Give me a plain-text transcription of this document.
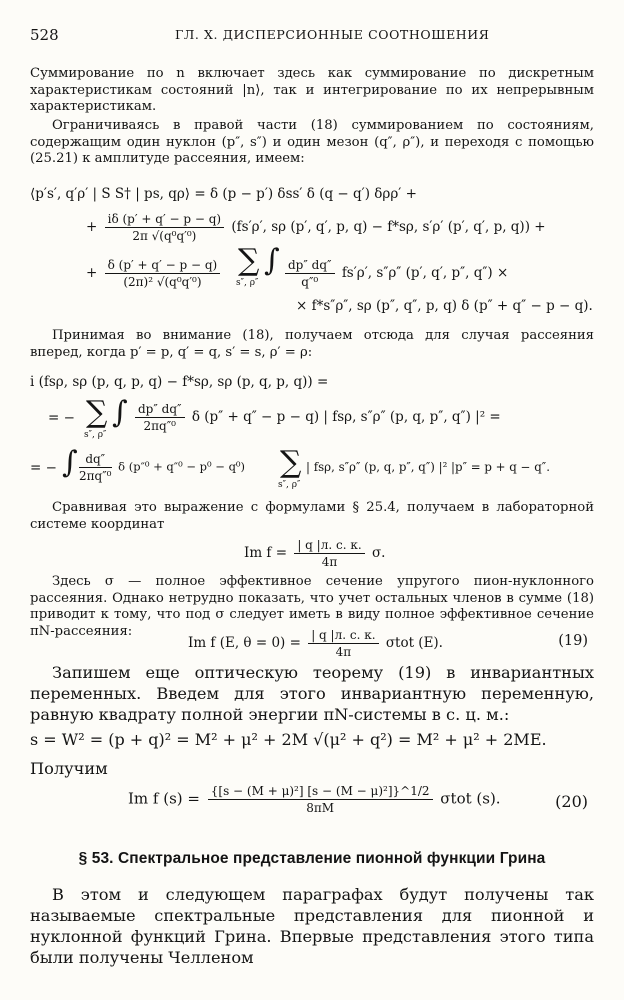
528	ГЛ. X. ДИСПЕРСИОННЫЕ СООТНОШЕНИЯ
Суммирование по n включает здесь как суммирование по дискретным характеристикам состояний |n⟩, так и интегрирование по их непрерывным характеристикам.
Ограничиваясь в правой части (18) суммированием по состояниям, содержащим один нуклон (p″, s″) и один мезон (q″, ρ″), и переходя с помощью (25.21) к амплитуде рассеяния, имеем:
⟨p′s′, q′ρ′ | S S† | ps, qρ⟩ = δ (p − p′) δss′ δ (q − q′) δρρ′ +
+ $\frac{i\delta (p' + q' - p - q)}{\text{2π √(q⁰q′⁰)}} (fs'\rho'$, sρ (p′, q′, p, q) − f*sρ, s′ρ′ (p′, q′, p, q)) +
+ $\frac{\delta (p' + q' - p - q)}{\text{(2π)² √(q⁰q′⁰)}}$ ∑
s″, ρ″
∫ $\frac{dp'' dq''}{\text{q″⁰}} fs'\rho'$, s″ρ″ (p′, q′, p″, q″) ×
× f*s″ρ″, sρ (p″, q″, p, q) δ (p″ + q″ − p − q).
Принимая во внимание (18), получаем отсюда для случая рассеяния вперед, когда p′ = p, q′ = q, s′ = s, ρ′ = ρ:
i (fsρ, sρ (p, q, p, q) − f*sρ, sρ (p, q, p, q)) =
= − ∑
s″, ρ″
∫ $\frac{dp'' dq''}{\text{2πq″⁰}}$ δ (p″ + q″ − p − q) | fsρ, s″ρ″ (p, q, p″, q″) |² =
= − ∫ $\frac{dq''}{\text{2πq″⁰}}$ δ (p″⁰ + q″⁰ − p⁰ − q⁰) ∑
s″, ρ″
| fsρ, s″ρ″ (p, q, p″, q″) |² |p″ = p + q − q″.
Сравнивая это выражение с формулами § 25.4, получаем в лабораторной системе координат
Im $f = \frac{| q |л. с. к.}{4\pi} \sigma$.
Здесь σ — полное эффективное сечение упругого пион-нуклонного рассеяния. Однако нетрудно показать, что учет остальных членов в сумме (18) приводит к тому, что под σ следует иметь в виду полное эффективное сечение πN-рассеяния:
Im f (E, $\theta = 0) = \frac{| q |л. с. к.}{4\pi}$ σtot (E).	(19)
Запишем еще оптическую теорему (19) в инвариантных переменных. Введем для этого инвариантную переменную, равную квадрату полной энергии πN-системы в с. ц. м.:
s = W² = (p + q)² = M² + μ² + 2M √(μ² + q²) = M² + μ² + 2ME.
Получим
Im f $(s) = \frac{\text{\{[s − (M + μ)²] [s − (M − μ)²]\}\textasciicircum{}1/2}}{8\pi M}$ σtot (s).	(20)
§ 53. Спектральное представление пионной функции Грина
В этом и следующем параграфах будут получены так называемые спектральные представления для пионной и нуклонной функций Грина. Впервые представления этого типа были получены Челленом
